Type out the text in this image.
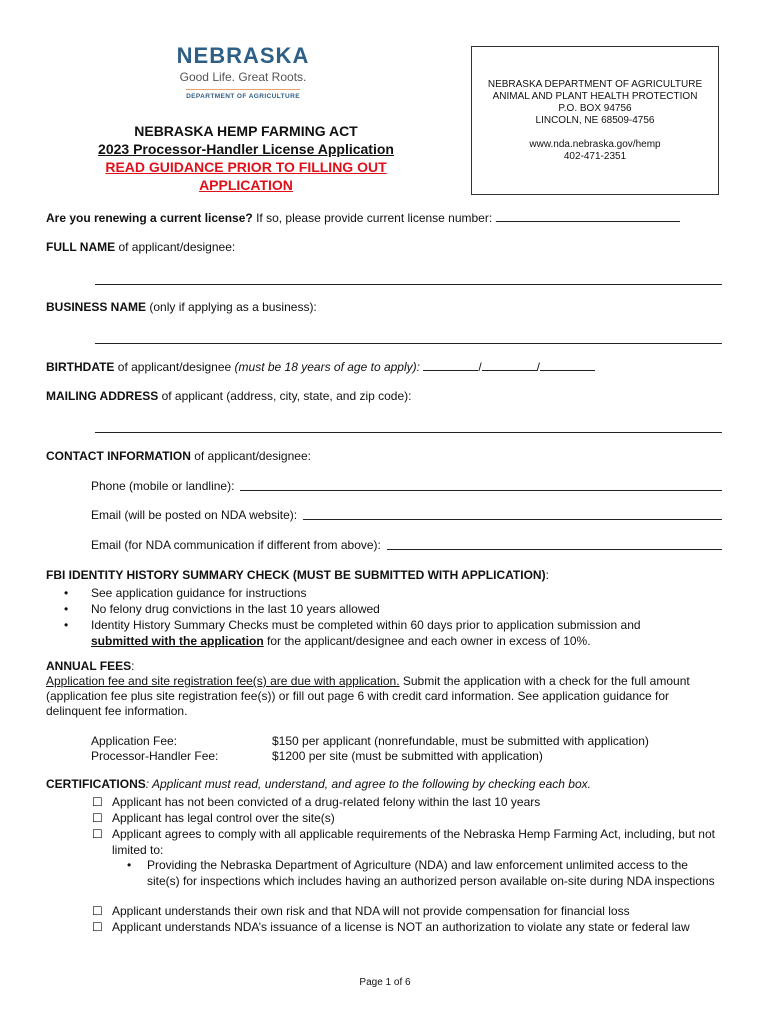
NEBRASKA
Good Life. Great Roots.
DEPARTMENT OF AGRICULTURE
NEBRASKA HEMP FARMING ACT
2023 Processor-Handler License Application
READ GUIDANCE PRIOR TO FILLING OUT
APPLICATION
NEBRASKA DEPARTMENT OF AGRICULTURE
ANIMAL AND PLANT HEALTH PROTECTION
P.O. BOX 94756
LINCOLN, NE 68509-4756
www.nda.nebraska.gov/hemp
402-471-2351
Are you renewing a current license? If so, please provide current license number:
FULL NAME of applicant/designee:
BUSINESS NAME (only if applying as a business):
BIRTHDATE of applicant/designee (must be 18 years of age to apply):	/	/
MAILING ADDRESS of applicant (address, city, state, and zip code):
CONTACT INFORMATION of applicant/designee:
Phone (mobile or landline):
Email (will be posted on NDA website):
Email (for NDA communication if different from above):
FBI IDENTITY HISTORY SUMMARY CHECK (MUST BE SUBMITTED WITH APPLICATION):
•	See application guidance for instructions
•	No felony drug convictions in the last 10 years allowed
•	Identity History Summary Checks must be completed within 60 days prior to application submission and
submitted with the application for the applicant/designee and each owner in excess of 10%.
ANNUAL FEES:
Application fee and site registration fee(s) are due with application. Submit the application with a check for the full amount (application fee plus site registration fee(s)) or fill out page 6 with credit card information. See application guidance for delinquent fee information.
Application Fee:	$150 per applicant (nonrefundable, must be submitted with application)
Processor-Handler Fee:	$1200 per site (must be submitted with application)
CERTIFICATIONS: Applicant must read, understand, and agree to the following by checking each box.
☐ Applicant has not been convicted of a drug-related felony within the last 10 years
☐ Applicant has legal control over the site(s)
☐ Applicant agrees to comply with all applicable requirements of the Nebraska Hemp Farming Act, including, but not limited to:
•	Providing the Nebraska Department of Agriculture (NDA) and law enforcement unlimited access to the site(s) for inspections which includes having an authorized person available on-site during NDA inspections
☐ Applicant understands their own risk and that NDA will not provide compensation for financial loss
☐ Applicant understands NDA’s issuance of a license is NOT an authorization to violate any state or federal law
Page 1 of 6
